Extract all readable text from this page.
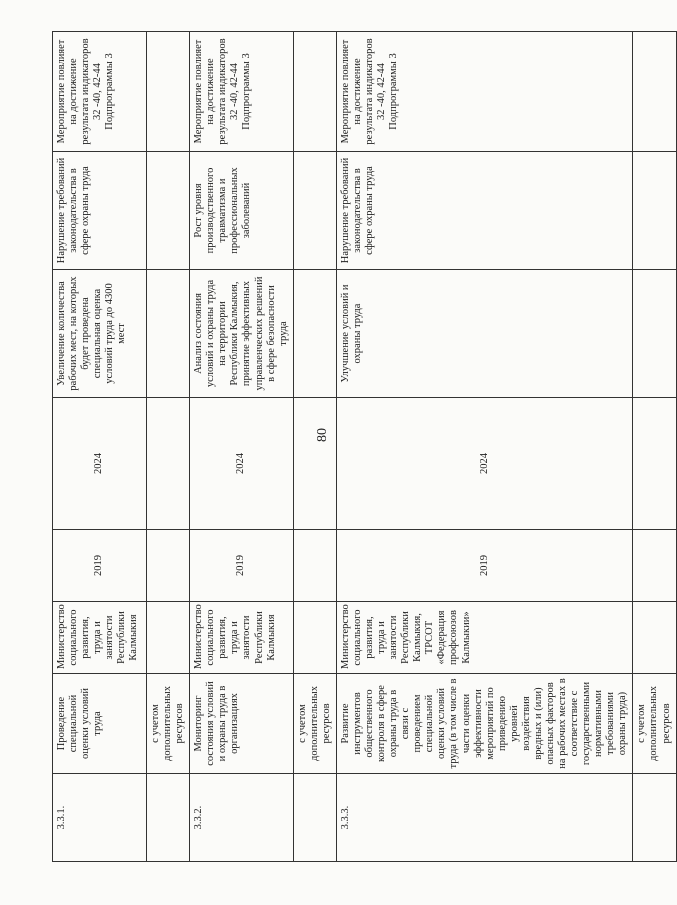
80
3.3.1.	Проведение специальной оценки условий труда	Министерство социального развития, труда и занятости Республики Калмыкия	2019	2024	Увеличение количества рабочих мест, на которых будет проведена специальная оценка условий труда до 4300 мест	Нарушение требований законодательства в сфере охраны труда	Мероприятие повлияет на достижение результата индикаторов 32 -40, 42-44 Подпрограммы 3
	с учетом дополнительных ресурсов						
3.3.2.	Мониторинг состояния условий и охраны труда в организациях	Министерство социального развития, труда и занятости Республики Калмыкия	2019	2024	Анализ состояния условий и охраны труда на территории Республики Калмыкия, принятие эффективных управленческих решений в сфере безопасности труда	Рост уровня производственного травматизма и профессиональных заболеваний	Мероприятие повлияет на достижение результата индикаторов 32 -40, 42-44 Подпрограммы 3
	с учетом дополнительных ресурсов						
3.3.3.	Развитие инструментов общественного контроля в сфере охраны труда в связи с проведением специальной оценки условий труда (в том числе в части оценки эффективности мероприятий по приведению уровней воздействия вредных и (или) опасных факторов на рабочих местах в соответствие с государственными нормативными требованиями охраны труда)	Министерство социального развития, труда и занятости Республики Калмыкия, ТРСОТ «Федерация профсоюзов Калмыкии»	2019	2024	Улучшение условий и охраны труда	Нарушение требований законодательства в сфере охраны труда	Мероприятие повлияет на достижение результата индикаторов 32 -40, 42-44 Подпрограммы 3
	с учетом дополнительных ресурсов						
